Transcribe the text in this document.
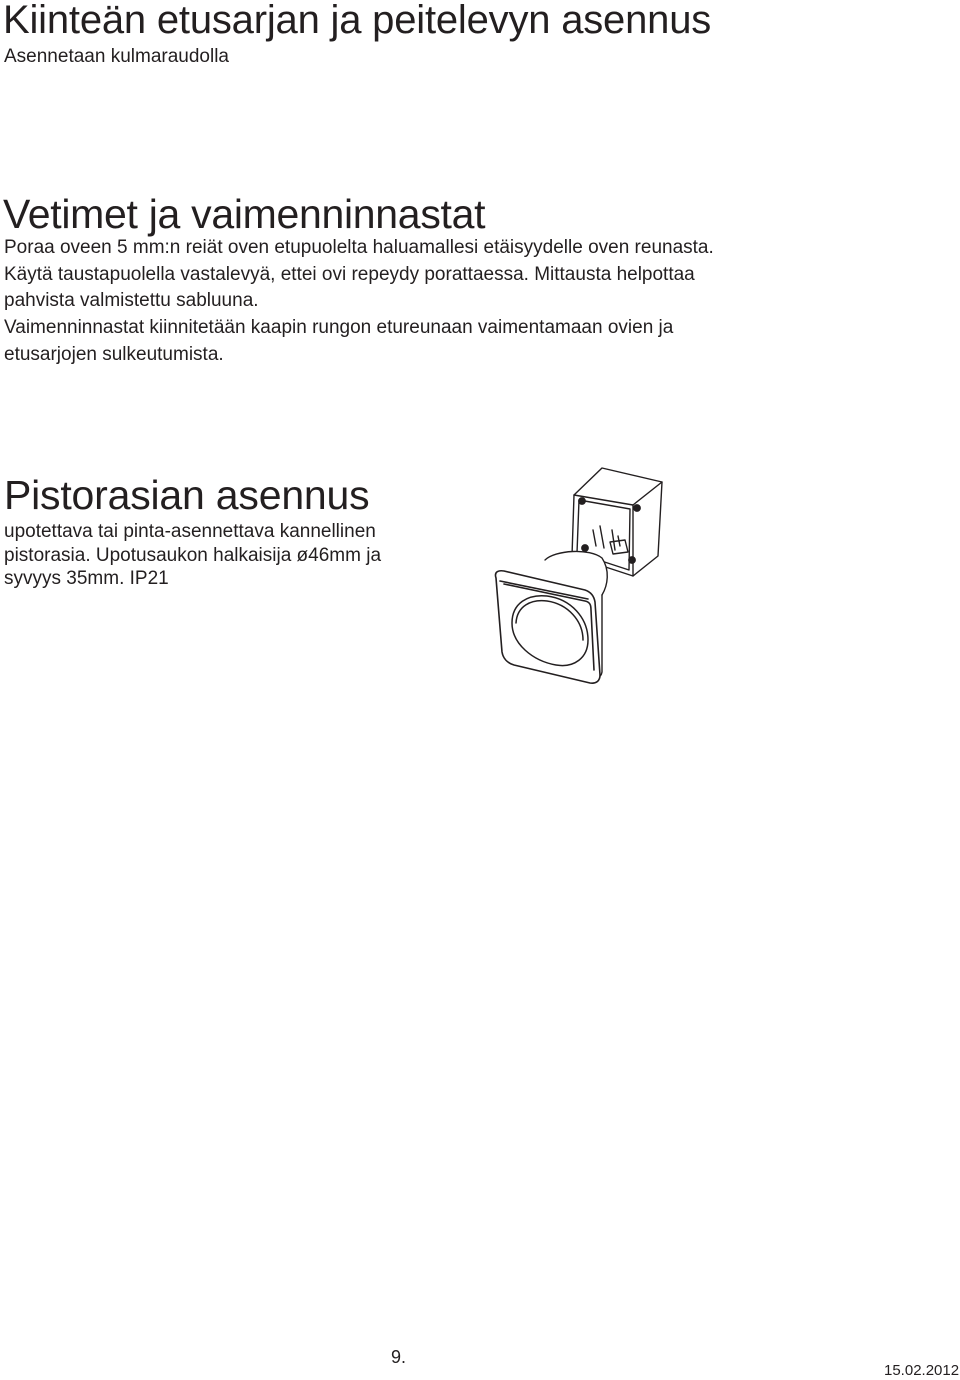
Kiinteän etusarjan ja peitelevyn asennus

Asennetaan kulmaraudolla

Vetimet ja vaimenninnastat

Poraa oveen 5 mm:n reiät oven etupuolelta haluamallesi etäisyydelle oven reunasta.
Käytä taustapuolella vastalevyä, ettei ovi repeydy porattaessa. Mittausta helpottaa
pahvista valmistettu sabluuna.
Vaimenninnastat kiinnitetään kaapin rungon etureunaan vaimentamaan ovien ja
etusarjojen sulkeutumista.

Pistorasian asennus

upotettava tai pinta-asennettava kannellinen
pistorasia. Upotusaukon halkaisija ø46mm ja
syvyys 35mm. IP21

9.

15.02.2012
